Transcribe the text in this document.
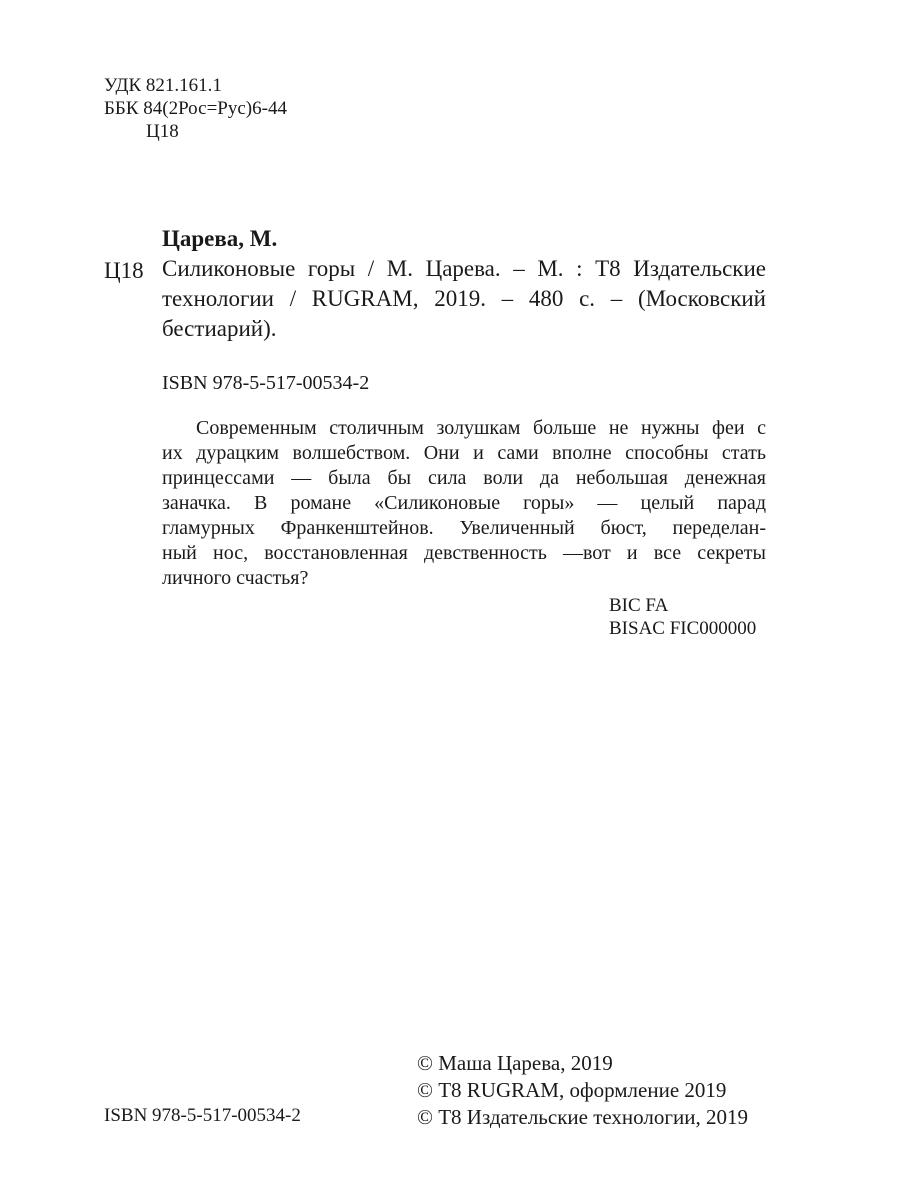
УДК 821.161.1
ББК 84(2Рос=Рус)6-44
Ц18
Царева, М.
Ц18 Силиконовые горы / М. Царева. – М. : Т8 Издательские
технологии / RUGRAM, 2019. – 480 с. – (Московский
бестиарий).
ISBN 978-5-517-00534-2
Современным столичным золушкам больше не нужны феи с
их дурацким волшебством. Они и сами вполне способны стать
принцессами — была бы сила воли да небольшая денежная
заначка. В романе «Силиконовые горы» — целый парад
гламурных Франкенштейнов. Увеличенный бюст, переделан-
ный нос, восстановленная девственность —вот и все секреты
личного счастья?
BIC FA
BISAC FIC000000
ISBN 978-5-517-00534-2
© Маша Царева, 2019
© Т8 RUGRAM, оформление 2019
© Т8 Издательские технологии, 2019
